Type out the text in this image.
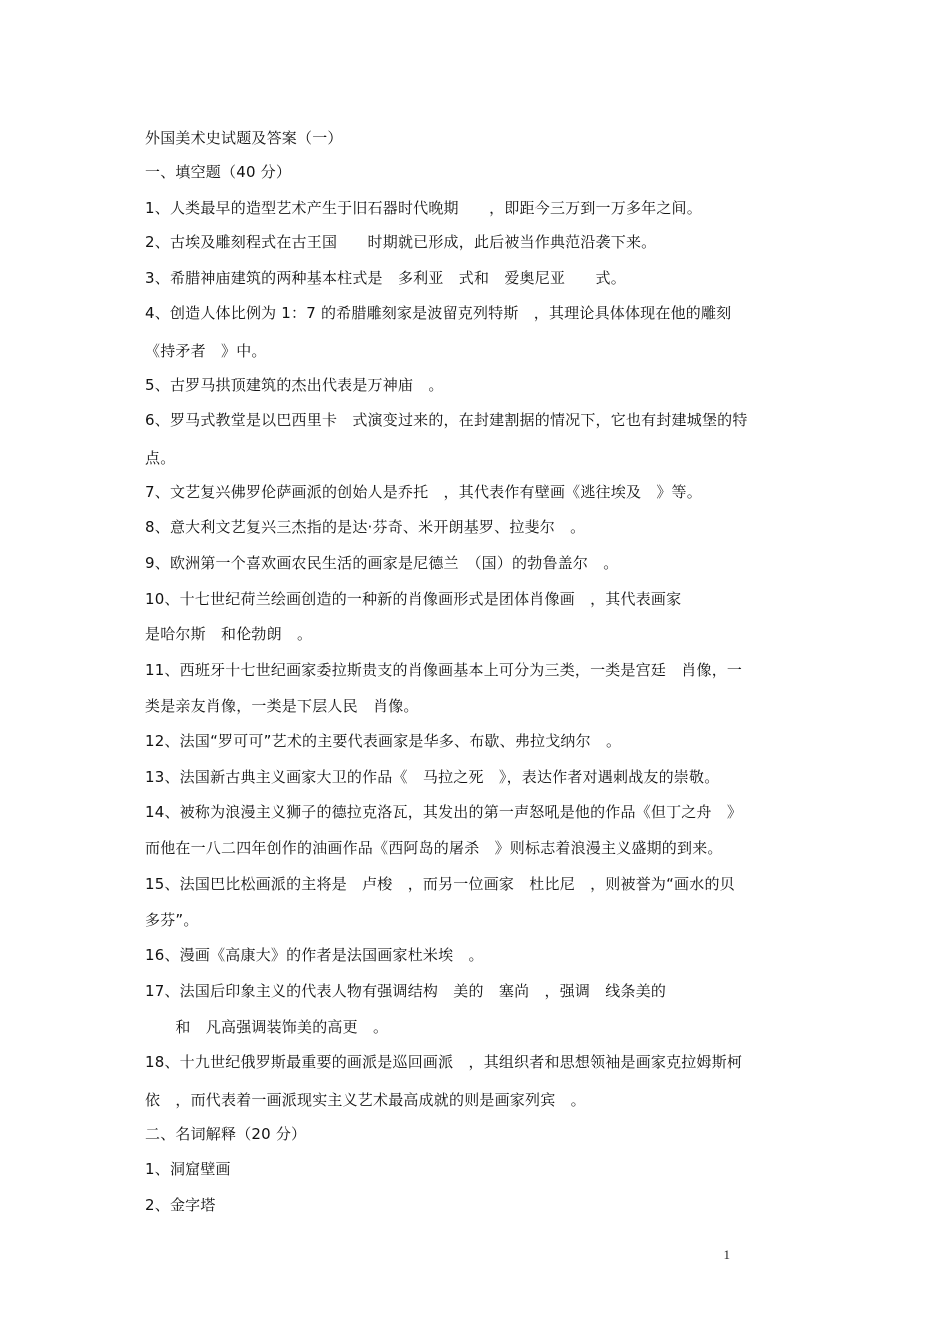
外国美术史试题及答案（一）
一、填空题（40 分）
1、人类最早的造型艺术产生于旧石器时代晚期　　，即距今三万到一万多年之间。
2、古埃及雕刻程式在古王国　　时期就已形成，此后被当作典范沿袭下来。
3、希腊神庙建筑的两种基本柱式是　多利亚　式和　爱奥尼亚　　式。
4、创造人体比例为 1：7 的希腊雕刻家是波留克列特斯　，其理论具体体现在他的雕刻
《持矛者　》中。
5、古罗马拱顶建筑的杰出代表是万神庙　。
6、罗马式教堂是以巴西里卡　式演变过来的，在封建割据的情况下，它也有封建城堡的特
点。
7、文艺复兴佛罗伦萨画派的创始人是乔托　，其代表作有壁画《逃往埃及　》等。
8、意大利文艺复兴三杰指的是达·芬奇、米开朗基罗、拉斐尔　。
9、欧洲第一个喜欢画农民生活的画家是尼德兰　（国）的勃鲁盖尔　。
10、十七世纪荷兰绘画创造的一种新的肖像画形式是团体肖像画　，其代表画家
是哈尔斯　和伦勃朗　。
11、西班牙十七世纪画家委拉斯贵支的肖像画基本上可分为三类，一类是宫廷　肖像，一
类是亲友肖像，一类是下层人民　肖像。
12、法国“罗可可”艺术的主要代表画家是华多、布歇、弗拉戈纳尔　。
13、法国新古典主义画家大卫的作品《　马拉之死　》，表达作者对遇刺战友的崇敬。
14、被称为浪漫主义狮子的德拉克洛瓦，其发出的第一声怒吼是他的作品《但丁之舟　》
而他在一八二四年创作的油画作品《西阿岛的屠杀　》则标志着浪漫主义盛期的到来。
15、法国巴比松画派的主将是　卢梭　，而另一位画家　杜比尼　，则被誉为“画水的贝
多芬”。
16、漫画《高康大》的作者是法国画家杜米埃　。
17、法国后印象主义的代表人物有强调结构　美的　塞尚　，强调　线条美的
　　和　凡高强调装饰美的高更　。
18、十九世纪俄罗斯最重要的画派是巡回画派　，其组织者和思想领袖是画家克拉姆斯柯
依　，而代表着一画派现实主义艺术最高成就的则是画家列宾　。
二、名词解释（20 分）
1、洞窟壁画
2、金字塔
1
